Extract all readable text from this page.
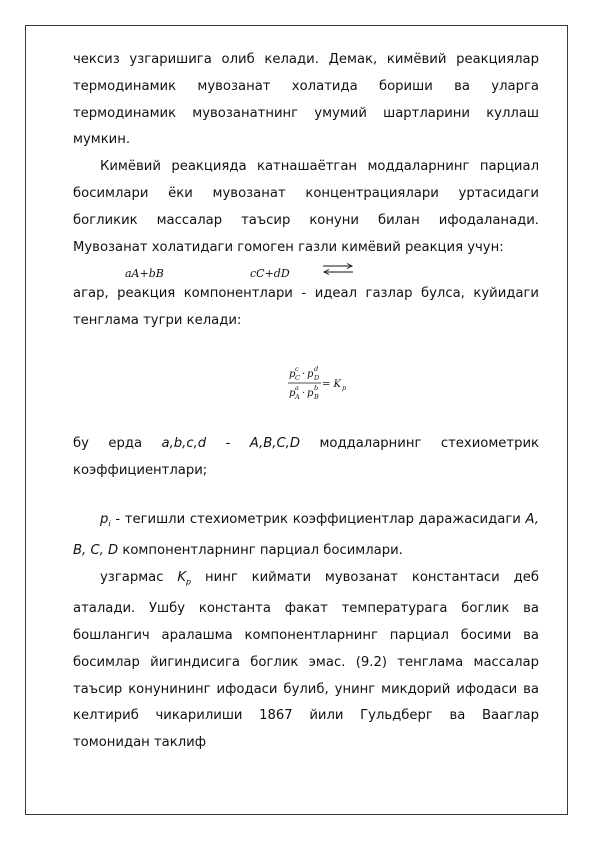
чексиз узгаришига олиб келади. Демак, кимёвий реакциялар

термодинамик мувозанат холатида бориши ва уларга

термодинамик мувозанатнинг умумий шартларини куллаш

мумкин.

Кимёвий реакцияда катнашаётган моддаларнинг парциал босимлари ёки мувозанат концентрациялари уртасидаги богликик массалар таъсир конуни билан ифодаланади. Мувозанат холатидаги гомоген газли кимёвий реакция учун:

aA+bB	cC+dD

агар, реакция компонентлари - идеал газлар булса, куйидаги тенглама тугри келади:

p c
C · p d
D
p a
A · p b
B
= K p

бу ерда a,b,c,d - A,B,C,D моддаларнинг стехиометрик

коэффициентлари;

$p_i$ - тегишли стехиометрик коэффициентлар даражасидаги A, B, C, D компонентларнинг парциал босимлари.

узгармас $K_p$ нинг киймати мувозанат константаси деб аталади. Ушбу константа факат температурага боглик ва бошлангич аралашма компонентларнинг парциал босими ва босимлар йигиндисига боглик эмас. (9.2) тенглама массалар таъсир конунининг ифодаси булиб, унинг микдорий ифодаси ва келтириб чикарилиши 1867 йили Гульдберг ва Вааглар томонидан таклиф
